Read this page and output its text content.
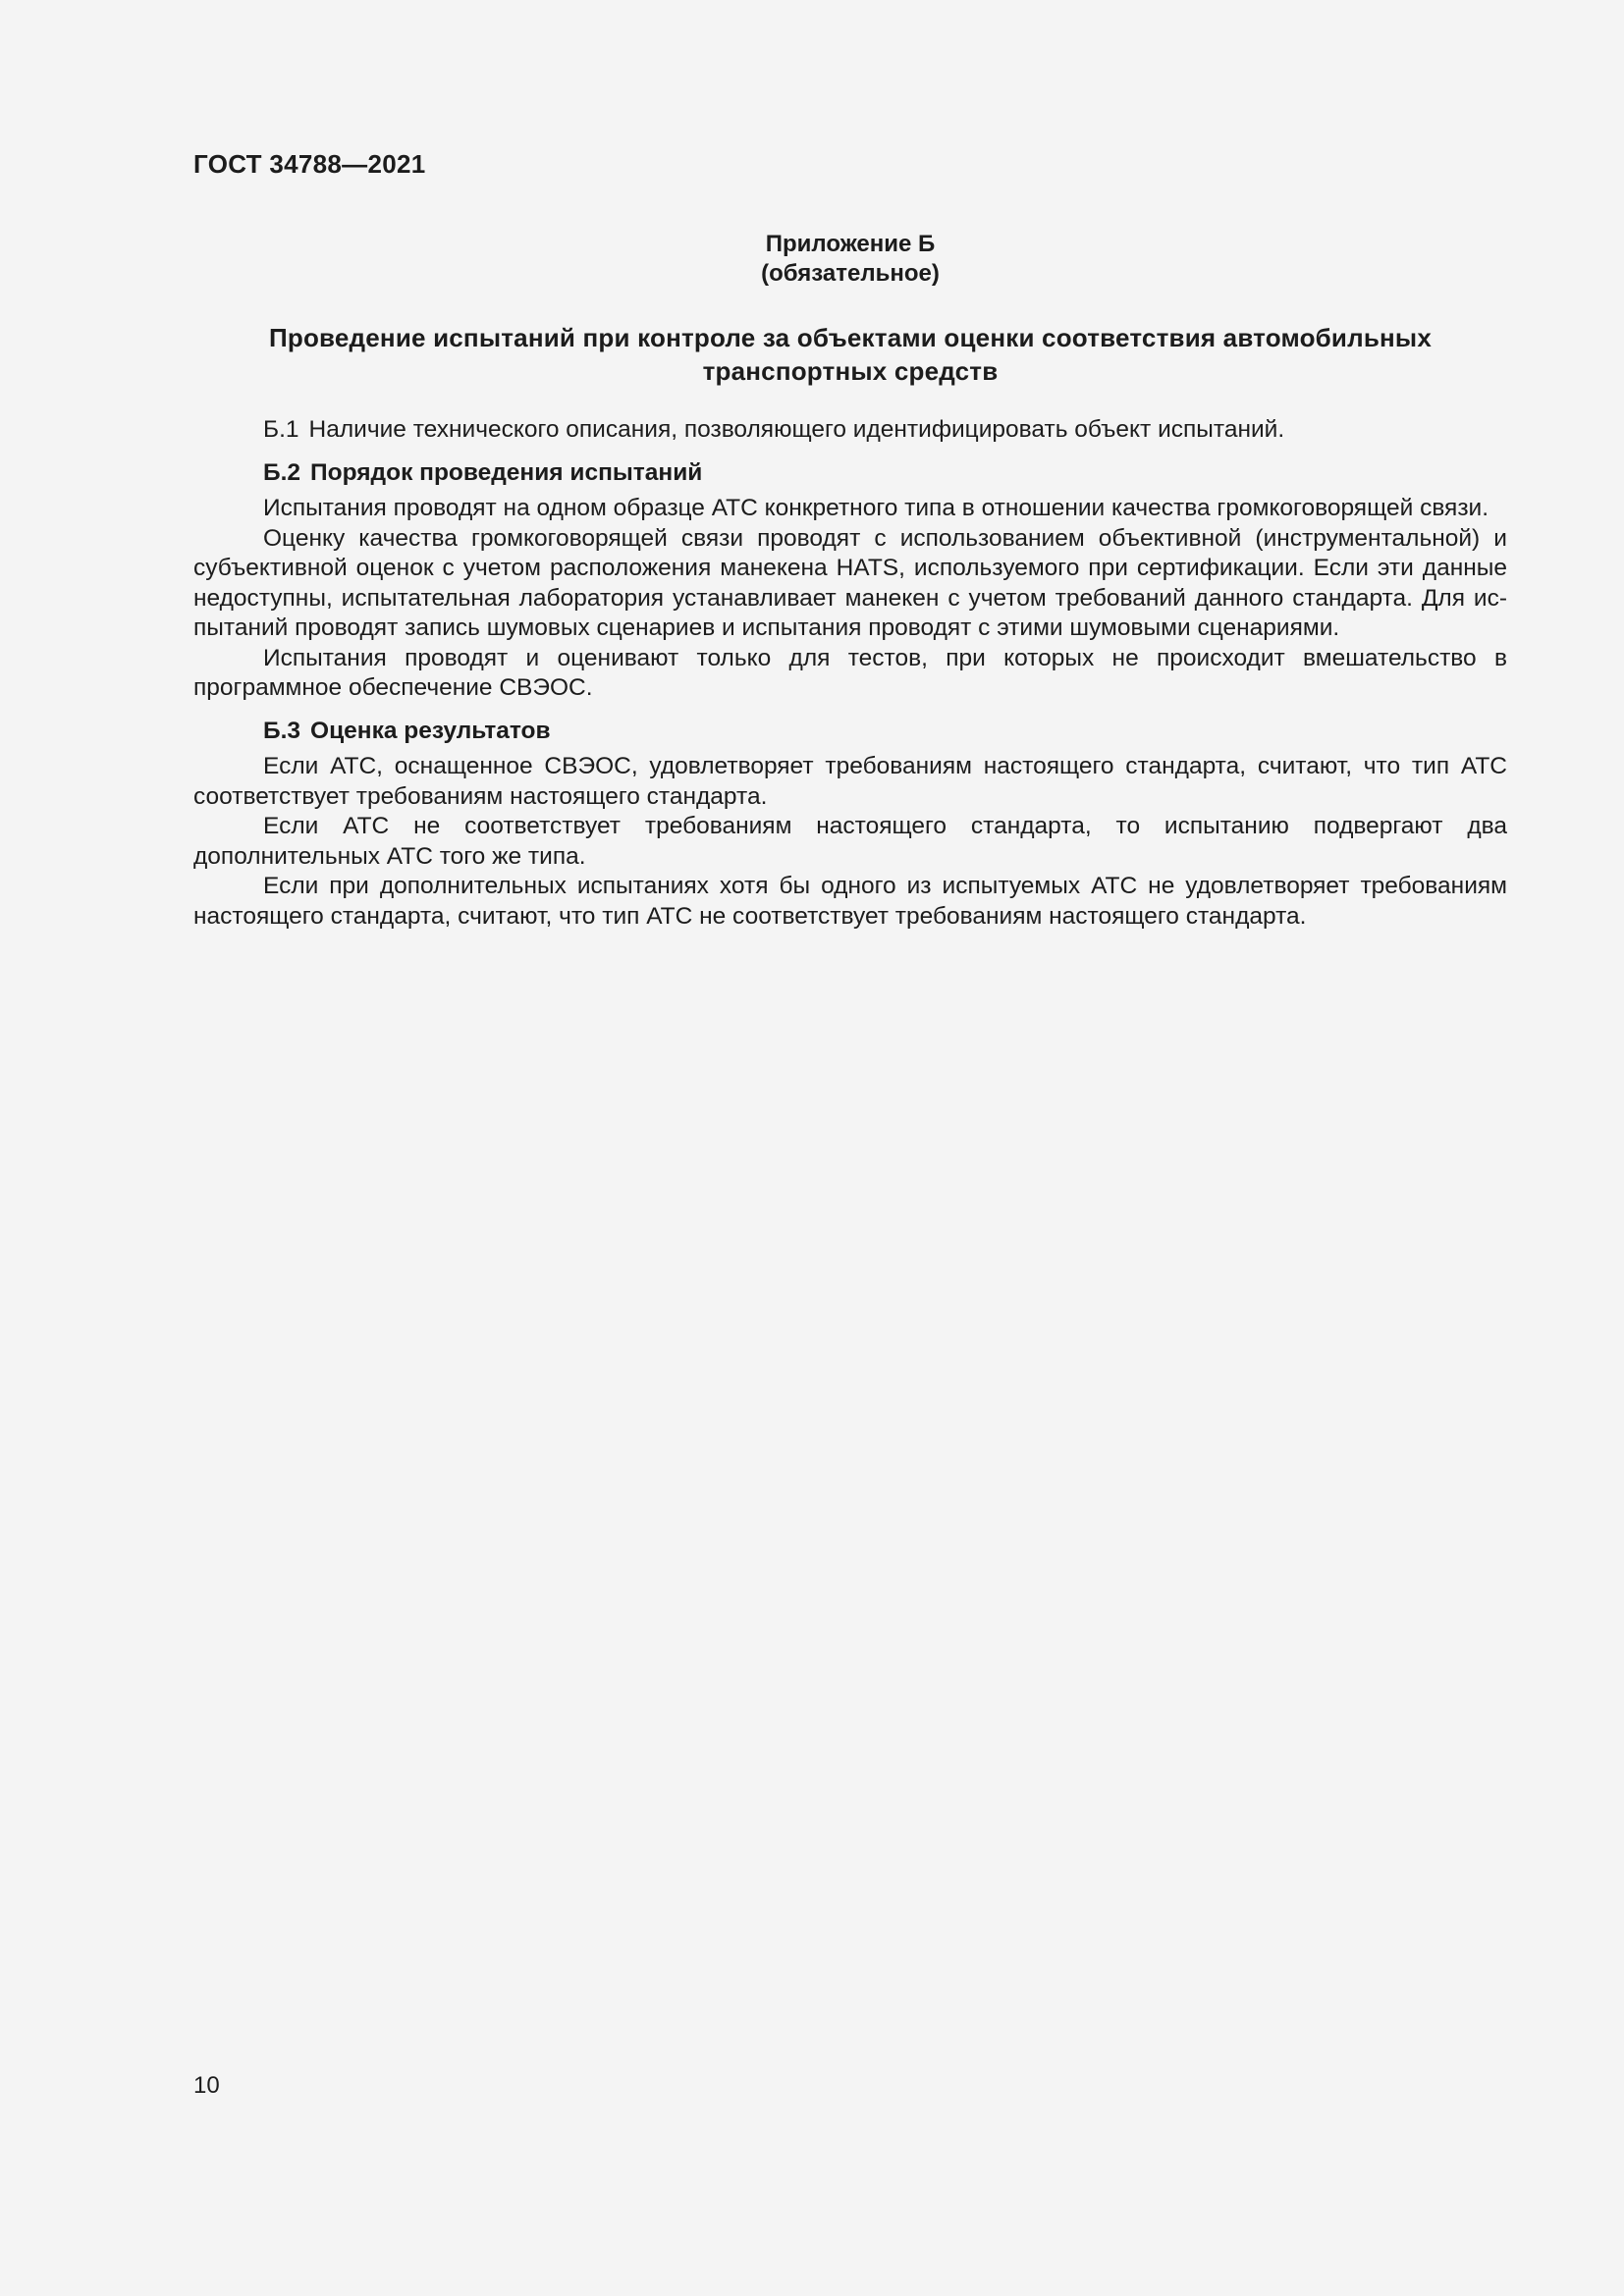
ГОСТ 34788—2021
Приложение Б
(обязательное)
Проведение испытаний при контроле за объектами оценки соответствия автомобильных
транспортных средств

Б.1 Наличие технического описания, позволяющего идентифицировать объект испытаний.

Б.2 Порядок проведения испытаний

Испытания проводят на одном образце АТС конкретного типа в отношении качества громкоговорящей связи.

Оценку качества громкоговорящей связи проводят с использованием объективной (инструментальной) и субъективной оценок с учетом расположения манекена HATS, используемого при сертификации. Если эти данные недоступны, испытательная лаборатория устанавливает манекен с учетом требований данного стандарта. Для испытаний проводят запись шумовых сценариев и испытания проводят с этими шумовыми сценариями.

Испытания проводят и оценивают только для тестов, при которых не происходит вмешательство в программное обеспечение СВЭОС.

Б.3 Оценка результатов

Если АТС, оснащенное СВЭОС, удовлетворяет требованиям настоящего стандарта, считают, что тип АТС соответствует требованиям настоящего стандарта.

Если АТС не соответствует требованиям настоящего стандарта, то испытанию подвергают два дополнительных АТС того же типа.

Если при дополнительных испытаниях хотя бы одного из испытуемых АТС не удовлетворяет требованиям настоящего стандарта, считают, что тип АТС не соответствует требованиям настоящего стандарта.

10
